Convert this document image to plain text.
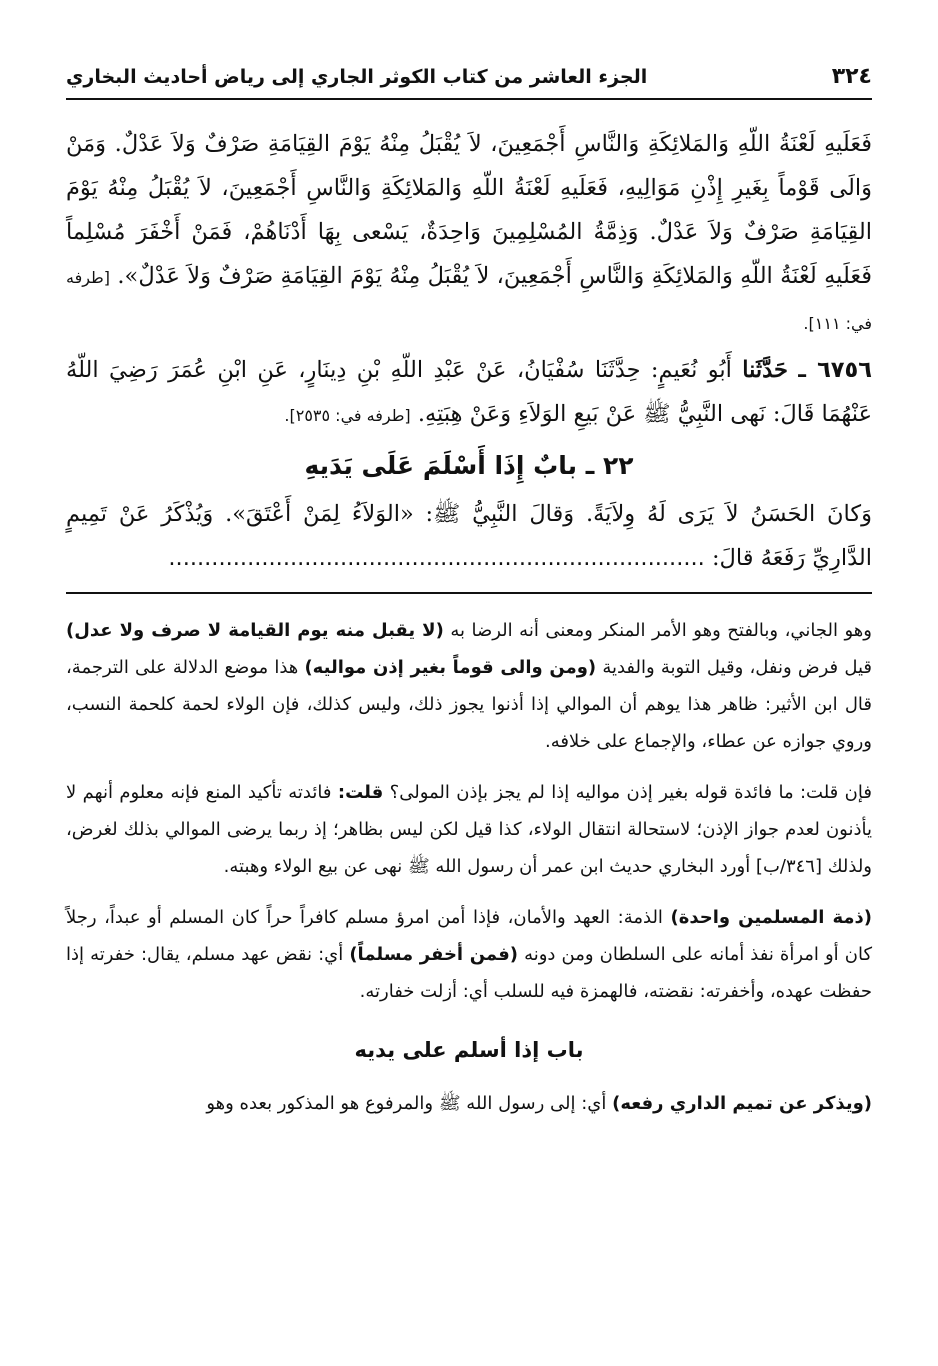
٣٢٤
الجزء العاشر من كتاب الكوثر الجاري إلى رياض أحاديث البخاري

فَعَلَيهِ لَعْنَةُ اللّهِ وَالمَلائِكَةِ وَالنَّاسِ أَجْمَعِينَ، لاَ يُقْبَلُ مِنْهُ يَوْمَ القِيَامَةِ صَرْفٌ وَلاَ عَدْلٌ. وَمَنْ وَالَى قَوْماً بِغَيرِ إِذْنِ مَوَالِيهِ، فَعَلَيهِ لَعْنَةُ اللّهِ وَالمَلائِكَةِ وَالنَّاسِ أَجْمَعِينَ، لاَ يُقْبَلُ مِنْهُ يَوْمَ القِيَامَةِ صَرْفٌ وَلاَ عَدْلٌ. وَذِمَّةُ المُسْلِمِينَ وَاحِدَةٌ، يَسْعى بِهَا أَدْنَاهُمْ، فَمَنْ أَخْفَرَ مُسْلِماً فَعَلَيهِ لَعْنَةُ اللّهِ وَالمَلائِكَةِ وَالنَّاسِ أَجْمَعِينَ، لاَ يُقْبَلُ مِنْهُ يَوْمَ القِيَامَةِ صَرْفٌ وَلاَ عَدْلٌ». [طرفه في: ١١١].

٦٧٥٦ ـ حَدَّثَنا أَبُو نُعَيمٍ: حِدَّثَنَا سُفْيَانُ، عَنْ عَبْدِ اللّهِ بْنِ دِينَارٍ، عَنِ ابْنِ عُمَرَ رَضِيَ اللّهُ عَنْهُمَا قَالَ: نَهى النَّبِيُّ ﷺ عَنْ بَيعِ الوَلاَءِ وَعَنْ هِبَتِهِ. [طرفه في: ٢٥٣٥].

٢٢ ـ بابٌ إِذَا أَسْلَمَ عَلَى يَدَيهِ

وَكانَ الحَسَنُ لاَ يَرَى لَهُ وِلاَيَةً. وَقالَ النَّبِيُّ ﷺ: «الوَلاَءُ لِمَنْ أَعْتَقَ». وَيُذْكَرُ عَنْ تَمِيمٍ الدَّارِيِّ رَفَعَهُ قالَ: ...........................................................................

وهو الجاني، وبالفتح وهو الأمر المنكر ومعنى أنه الرضا به (لا يقبل منه يوم القيامة لا صرف ولا عدل) قيل فرض ونفل، وقيل التوبة والفدية (ومن والى قوماً بغير إذن مواليه) هذا موضع الدلالة على الترجمة، قال ابن الأثير: ظاهر هذا يوهم أن الموالي إذا أذنوا يجوز ذلك، وليس كذلك، فإن الولاء لحمة كلحمة النسب، وروي جوازه عن عطاء، والإجماع على خلافه.

فإن قلت: ما فائدة قوله بغير إذن مواليه إذا لم يجز بإذن المولى؟ قلت: فائدته تأكيد المنع فإنه معلوم أنهم لا يأذنون لعدم جواز الإذن؛ لاستحالة انتقال الولاء، كذا قيل لكن ليس بظاهر؛ إذ ربما يرضى الموالي بذلك لغرض، ولذلك [٣٤٦/ب] أورد البخاري حديث ابن عمر أن رسول الله ﷺ نهى عن بيع الولاء وهبته.

(ذمة المسلمين واحدة) الذمة: العهد والأمان، فإذا أمن امرؤ مسلم كافراً حراً كان المسلم أو عبداً، رجلاً كان أو امرأة نفذ أمانه على السلطان ومن دونه (فمن أخفر مسلماً) أي: نقض عهد مسلم، يقال: خفرته إذا حفظت عهده، وأخفرته: نقضته، فالهمزة فيه للسلب أي: أزلت خفارته.

باب إذا أسلم على يديه

(ويذكر عن تميم الداري رفعه) أي: إلى رسول الله ﷺ والمرفوع هو المذكور بعده وهو
